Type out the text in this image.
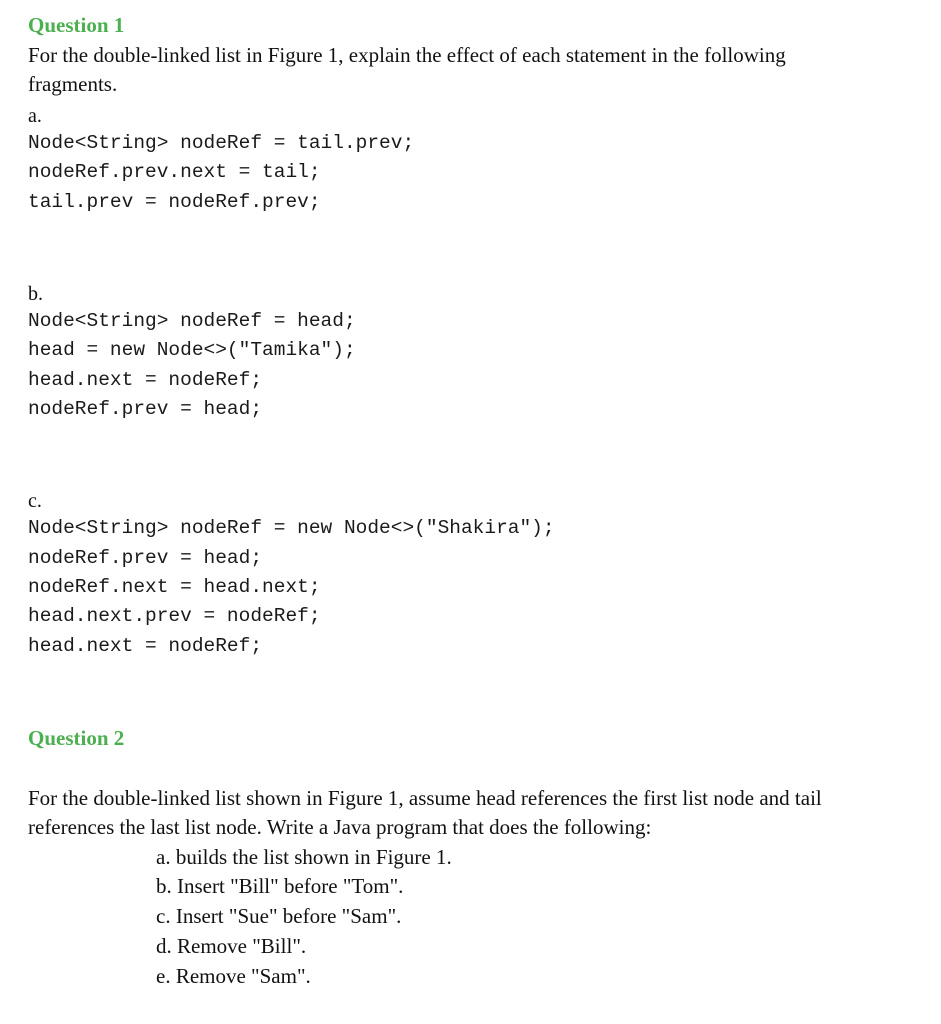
Question 1
For the double-linked list in Figure 1, explain the effect of each statement in the following
fragments.
a.
Node<String> nodeRef = tail.prev;
nodeRef.prev.next = tail;
tail.prev = nodeRef.prev;
b.
Node<String> nodeRef = head;
head = new Node<>("Tamika");
head.next = nodeRef;
nodeRef.prev = head;
c.
Node<String> nodeRef = new Node<>("Shakira");
nodeRef.prev = head;
nodeRef.next = head.next;
head.next.prev = nodeRef;
head.next = nodeRef;
Question 2
For the double-linked list shown in Figure 1, assume head references the first list node and tail
references the last list node. Write a Java program that does the following:
a. builds the list shown in Figure 1.
b. Insert "Bill" before "Tom".
c. Insert "Sue" before "Sam".
d. Remove "Bill".
e. Remove "Sam".
